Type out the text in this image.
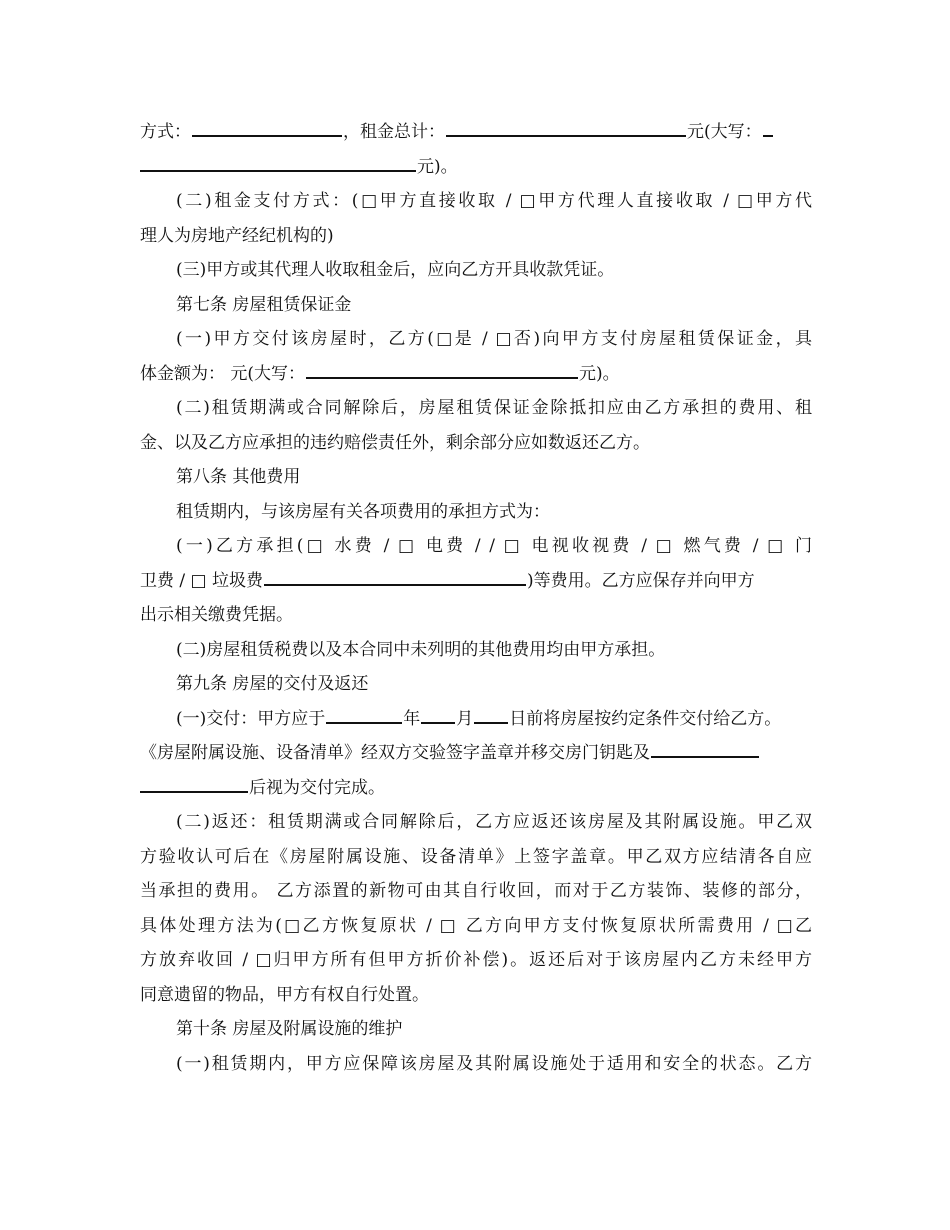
方式：	，租金总计：	元(大写：
元)。
(二)租金支付方式：(□甲方直接收取 / □甲方代理人直接收取 / □甲方代
理人为房地产经纪机构的)
(三)甲方或其代理人收取租金后，应向乙方开具收款凭证。
第七条 房屋租赁保证金
(一)甲方交付该房屋时，乙方(□是 / □否)向甲方支付房屋租赁保证金，具
体金额为： 元(大写：	元)。
(二)租赁期满或合同解除后，房屋租赁保证金除抵扣应由乙方承担的费用、租
金、以及乙方应承担的违约赔偿责任外，剩余部分应如数返还乙方。
第八条 其他费用
租赁期内，与该房屋有关各项费用的承担方式为：
(一)乙方承担(□ 水费 / □ 电费 / / □ 电视收视费 / □ 燃气费 / □ 门
卫费 / □ 垃圾费	)等费用。乙方应保存并向甲方
出示相关缴费凭据。
(二)房屋租赁税费以及本合同中未列明的其他费用均由甲方承担。
第九条 房屋的交付及返还
(一)交付：甲方应于	年 月 日前将房屋按约定条件交付给乙方。
《房屋附属设施、设备清单》经双方交验签字盖章并移交房门钥匙及
后视为交付完成。
(二)返还：租赁期满或合同解除后，乙方应返还该房屋及其附属设施。甲乙双
方验收认可后在《房屋附属设施、设备清单》上签字盖章。甲乙双方应结清各自应
当承担的费用。 乙方添置的新物可由其自行收回，而对于乙方装饰、装修的部分，
具体处理方法为(□乙方恢复原状 / □ 乙方向甲方支付恢复原状所需费用 / □乙
方放弃收回 / □归甲方所有但甲方折价补偿)。返还后对于该房屋内乙方未经甲方
同意遗留的物品，甲方有权自行处置。
第十条 房屋及附属设施的维护
(一)租赁期内，甲方应保障该房屋及其附属设施处于适用和安全的状态。乙方
